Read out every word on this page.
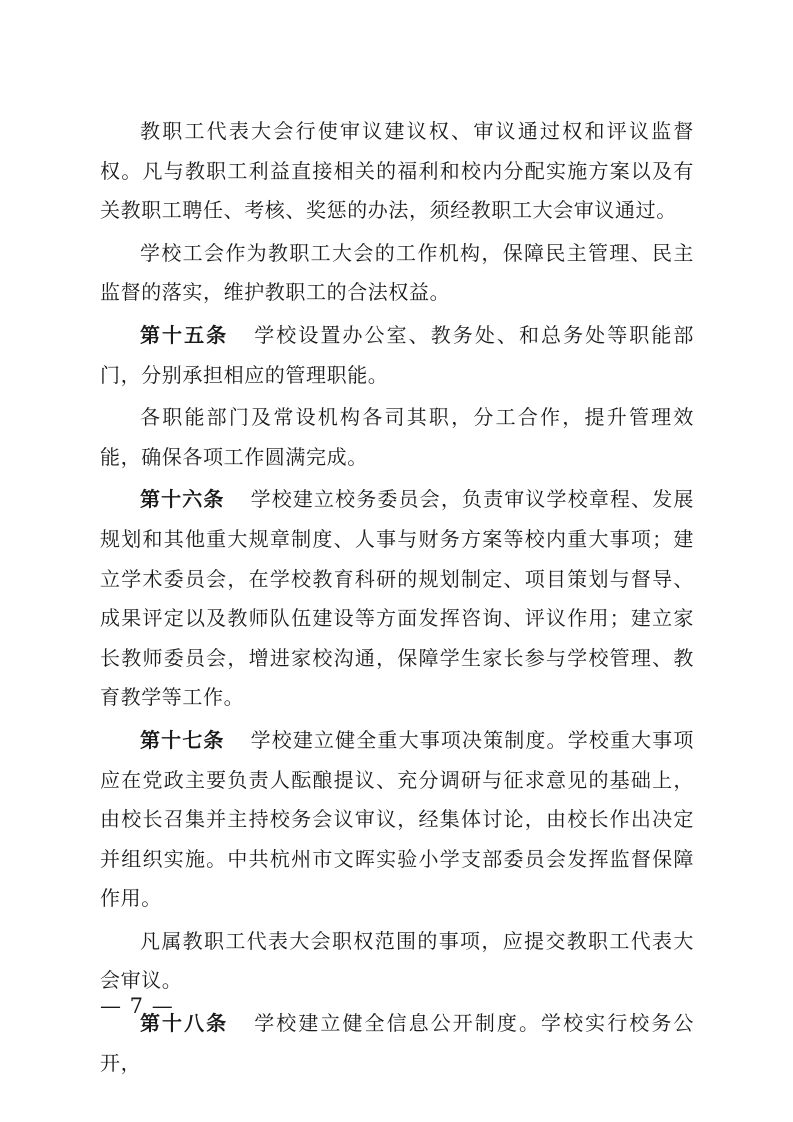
教职工代表大会行使审议建议权、审议通过权和评议监督权。凡与教职工利益直接相关的福利和校内分配实施方案以及有关教职工聘任、考核、奖惩的办法，须经教职工大会审议通过。

学校工会作为教职工大会的工作机构，保障民主管理、民主监督的落实，维护教职工的合法权益。

第十五条 学校设置办公室、教务处、和总务处等职能部门，分别承担相应的管理职能。

各职能部门及常设机构各司其职，分工合作，提升管理效能，确保各项工作圆满完成。

第十六条 学校建立校务委员会，负责审议学校章程、发展规划和其他重大规章制度、人事与财务方案等校内重大事项；建立学术委员会，在学校教育科研的规划制定、项目策划与督导、成果评定以及教师队伍建设等方面发挥咨询、评议作用；建立家长教师委员会，增进家校沟通，保障学生家长参与学校管理、教育教学等工作。

第十七条 学校建立健全重大事项决策制度。学校重大事项应在党政主要负责人酝酿提议、充分调研与征求意见的基础上，由校长召集并主持校务会议审议，经集体讨论，由校长作出决定并组织实施。中共杭州市文晖实验小学支部委员会发挥监督保障作用。

凡属教职工代表大会职权范围的事项，应提交教职工代表大会审议。

第十八条 学校建立健全信息公开制度。学校实行校务公开，

— 7 —
